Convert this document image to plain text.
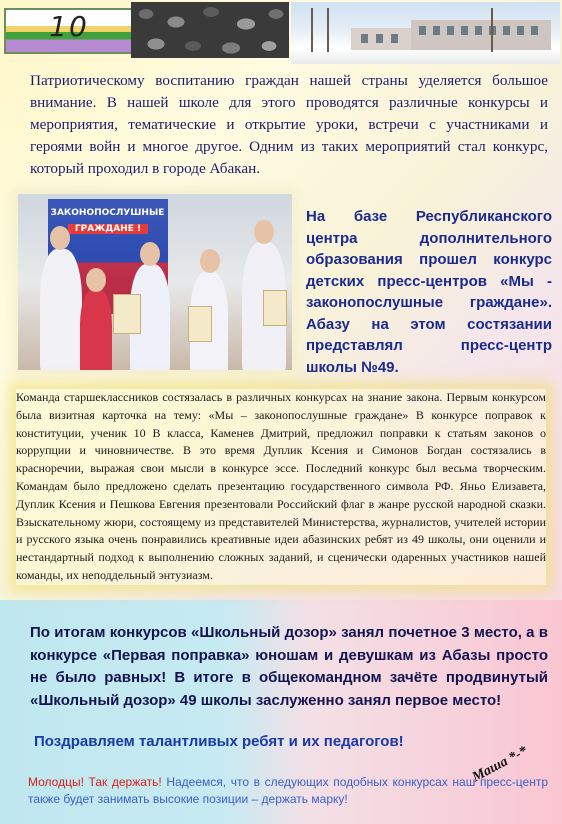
10
Патриотическому воспитанию граждан нашей страны уделяется большое внимание. В нашей школе для этого проводятся различные конкурсы и мероприятия, тематические и открытие уроки, встречи с участниками и героями войн и многое другое. Одним из таких мероприятий стал конкурс, который проходил в городе Абакан.
ЗАКОНОПОСЛУШНЫЕ
ГРАЖДАНЕ !
На базе Республиканского центра дополнительного образования прошел конкурс детских пресс-центров «Мы - законопослушные граждане». Абазу на этом состязании представлял пресс-центр школы №49.
Команда старшеклассников состязалась в различных конкурсах на знание закона. Первым конкурсом была визитная карточка на тему: «Мы – законопослушные граждане» В конкурсе поправок к конституции, ученик 10 В класса, Каменев Дмитрий, предложил поправки к статьям законов о коррупции и чиновничестве. В это время Дуплик Ксения и Симонов Богдан состязались в красноречии, выражая свои мысли в конкурсе эссе. Последний конкурс был весьма творческим. Командам было предложено сделать презентацию государственного символа РФ. Яньо Елизавета, Дуплик Ксения и Пешкова Евгения презентовали Российский флаг в жанре русской народной сказки. Взыскательному жюри, состоящему из представителей Министерства, журналистов, учителей истории и русского языка очень понравились креативные идеи абазинских ребят из 49 школы, они оценили и нестандартный подход к выполнению сложных заданий, и сценически одаренных участников нашей команды, их неподдельный энтузиазм.
По итогам конкурсов «Школьный дозор» занял почетное 3 место, а в конкурсе «Первая поправка» юношам и девушкам из Абазы просто не было равных! В итоге в общекомандном зачёте продвинутый «Школьный дозор» 49 школы заслуженно занял первое место!
Поздравляем талантливых ребят и их педагогов!
Молодцы! Так держать! Надеемся, что в следующих подобных конкурсах наш пресс-центр также будет занимать высокие позиции – держать марку!
Маша *-*
